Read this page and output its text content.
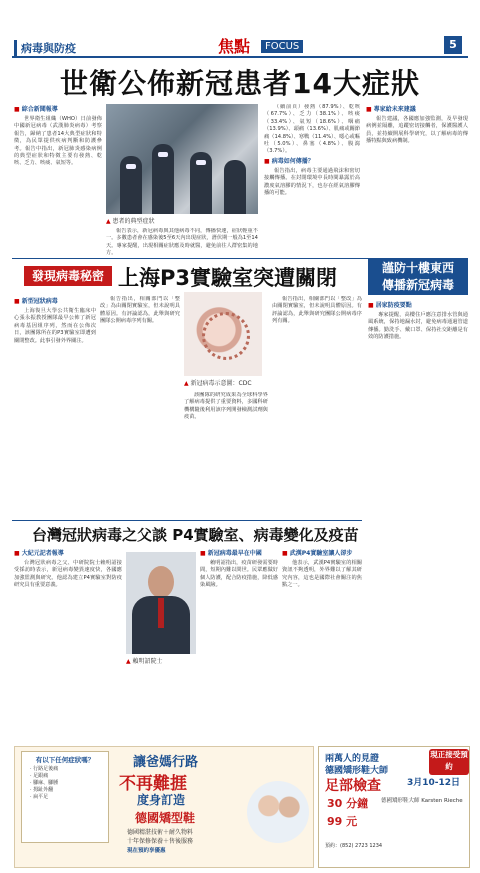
病毒與防疫	焦點	FOCUS	5
世衛公佈新冠患者14大症狀
■ 綜合新聞報導

世界衛生組織（WHO）日前發佈中國新冠病毒（武漢肺炎病毒）考察報告，歸納了患者14大典型症狀和特徵，為民眾提供疾病判斷和防護參考。報告中指出，新冠肺炎感染病例的典型症狀和特徵主要有發熱、乾咳、乏力、咳痰、氣短等。

▲ 患者的典型症狀

報告表示，新冠病毒與其他病毒不同，傳播快速，症狀輕重不一。多數患者會在感染後5至6天內出現症狀，潛伏期一般為1至14天。專家提醒，出現相關症狀應及時就醫，避免前往人群密集的地方。

（續前頁）發熱（87.9%）、乾咳（67.7%）、乏力（38.1%）、咳痰（33.4%）、氣短（18.6%）、咽痛（13.9%）、頭痛（13.6%）、肌痛或關節痛（14.8%）、寒戰（11.4%）、噁心或嘔吐（5.0%）、鼻塞（4.8%）、腹瀉（3.7%）。

■ 病毒如何傳播？

報告指出，病毒主要通過飛沫和密切接觸傳播。在封閉環境中長時間暴露於高濃度氣溶膠的情況下，也存在經氣溶膠傳播的可能。

■ 專家給未來建議

報告建議，各國應加強監測，及早發現病例並隔離，追蹤密切接觸者，保護醫護人員，並持續開展科學研究，以了解病毒的傳播特點與致病機制。

發現病毒秘密 上海P3實驗室突遭關閉	謹防十樓東西
傳播新冠病毒
■ 新型冠狀病毒

上海復旦大學公共衛生臨床中心張永振教授團隊最早公佈了新冠病毒基因組序列，然而在公佈次日，該團隊所在的P3實驗室即遭到關閉整改。此事引發外界關注。

報告指出，相關部門以「整改」為由關閉實驗室，但未說明具體原因。有評論認為，此舉與研究團隊公開病毒序列有關。

▲ 新冠病毒示意圖：CDC

該團隊的研究成果為全球科學界了解病毒提供了重要資料，多國科研機構隨後利用該序列開發檢測試劑與疫苗。

報告指出，相關部門以「整改」為由關閉實驗室，但未說明具體原因。有評論認為，此舉與研究團隊公開病毒序列有關。

■ 居家防疫要點

專家提醒，高樓住戶應注意排水管與通風系統，保持地漏水封，避免病毒通過管道傳播。勤洗手、戴口罩、保持社交距離是有效的防護措施。

台灣冠狀病毒之父談 P4實驗室、病毒變化及疫苗
■ 大紀元記者報導

台灣冠狀病毒之父、中研院院士賴明詔接受採訪時表示，新冠病毒變異速度快，各國應加強監測與研究。他認為建立P4實驗室對防疫研究具有重要意義。

▲ 賴明詔院士
■ 新冠病毒最早在中國

賴明詔指出，疫苗研發需要時間，短期內難以問世。民眾應做好個人防護，配合防疫措施，降低感染風險。

■ 武漢P4實驗室讓人卻步

他表示，武漢P4實驗室的相關資訊不夠透明，外界難以了解其研究內容，這也是國際社會關注的焦點之一。

有以下任何症狀嗎？
· 行路足後痛
· 足跟痛
· 腳麻、腳腫
· 拇趾外翻
· 扁平足
讓爸媽行路
不再難捱
度身訂造
德國矯型鞋
德國精湛技術＋耐久物料
十年保修保養＋售後服務
現在預約享優惠
兩萬人的見證
德國矯形鞋大師
足部檢查	3月10-12日
現正接受預約
30 分鐘
99 元
德國矯形鞋大師 Karsten Rieche
預約：(852) 2723 1234
